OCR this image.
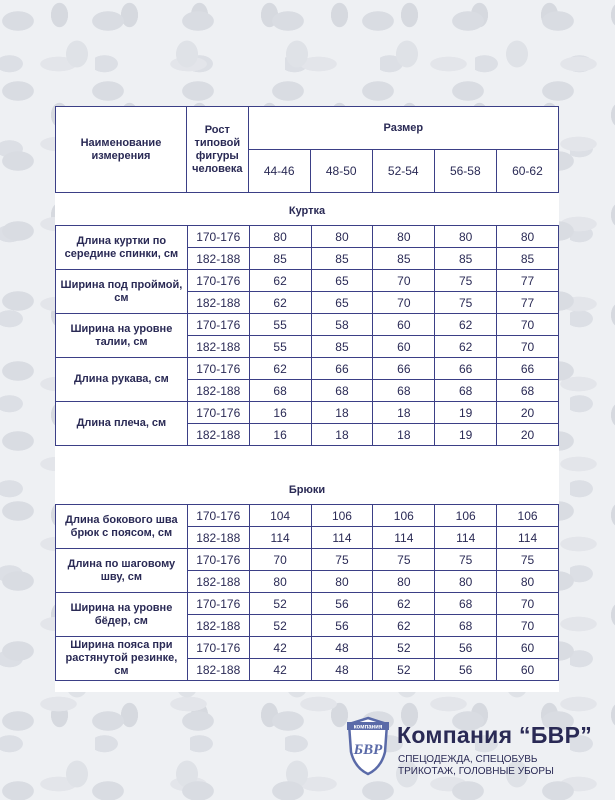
Наименование измерения	Рост типовой фигуры человека	Размер				
		44-46	48-50	52-54	56-58	60-62
Куртка
Длина куртки по середине спинки, см	170-176	80	80	80	80	80
	182-188	85	85	85	85	85
Ширина под проймой, см	170-176	62	65	70	75	77
	182-188	62	65	70	75	77
Ширина на уровне талии, см	170-176	55	58	60	62	70
	182-188	55	85	60	62	70
Длина рукава, см	170-176	62	66	66	66	66
	182-188	68	68	68	68	68
Длина плеча, см	170-176	16	18	18	19	20
	182-188	16	18	18	19	20
Брюки
Длина бокового шва брюк с поясом, см	170-176	104	106	106	106	106
	182-188	114	114	114	114	114
Длина по шаговому шву, см	170-176	70	75	75	75	75
	182-188	80	80	80	80	80
Ширина на уровне бёдер, см	170-176	52	56	62	68	70
	182-188	52	56	62	68	70
Ширина пояса при растянутой резинке, см	170-176	42	48	52	56	60
	182-188	42	48	52	56	60
компания
БВР
Компания “БВР”
СПЕЦОДЕЖДА, СПЕЦОБУВЬ
ТРИКОТАЖ, ГОЛОВНЫЕ УБОРЫ
